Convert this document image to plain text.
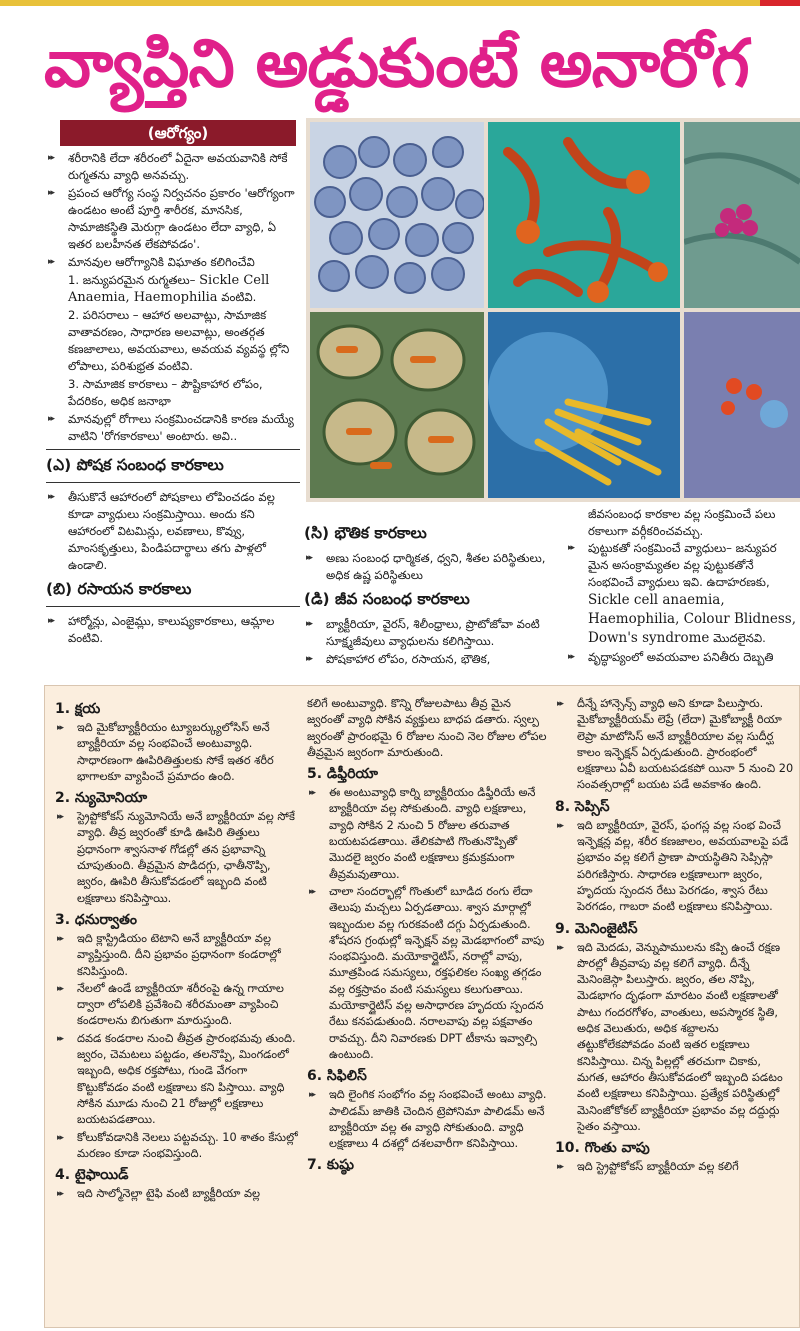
వ్యాప్తిని అడ్డుకుంటే అనారోగ
(ఆరోగ్యం)
▸▸ శరీరానికి లేదా శరీరంలో ఏదైనా అవయవానికి సోకే రుగ్మతను వ్యాధి అనవచ్చు.
▸▸ ప్రపంచ ఆరోగ్య సంస్థ నిర్వచనం ప్రకారం 'ఆరోగ్యంగా ఉండటం అంటే పూర్తి శారీరక, మానసిక, సామాజికస్థితి మెరుగ్గా ఉండటం లేదా వ్యాధి, ఏ ఇతర బలహీనత లేకపోవడం'.
▸▸ మానవుల ఆరోగ్యానికి విఘాతం కలిగించేవి
1. జన్యుపరమైన రుగ్మతలు– Sickle Cell Anaemia, Haemophilia వంటివి.
2. పరిసరాలు – ఆహార అలవాట్లు, సామాజిక వాతావరణం, సాధారణ అలవాట్లు, అంతర్గత కణజాలాలు, అవయవాలు, అవయవ వ్యవస్థ ల్లోని లోపాలు, పరిశుభ్రత వంటివి.
3. సామాజిక కారకాలు – పౌష్టికాహార లోపం, పేదరికం, అధిక జనాభా
▸▸ మానవుల్లో రోగాలు సంక్రమించడానికి కారణ మయ్యే వాటిని 'రోగకారకాలు' అంటారు. అవి..
(ఎ) పోషక సంబంధ కారకాలు
▸▸ తీసుకొనే ఆహారంలో పోషకాలు లోపించడం వల్ల కూడా వ్యాధులు సంక్రమిస్తాయి. అందు కని ఆహారంలో విటమిన్లు, లవణాలు, కొవ్వు, మాంసకృత్తులు, పిండిపదార్థాలు తగు పాళ్లలో ఉండాలి.
(బి) రసాయన కారకాలు
▸▸ హార్మోన్లు, ఎంజైమ్లు, కాలుష్యకారకాలు, ఆమ్లాల వంటివి.
(సి) భౌతిక కారకాలు
▸▸ అణు సంబంధ ధార్మికత, ధ్వని, శీతల పరిస్థితులు, అధిక ఉష్ణ పరిస్థితులు
(డి) జీవ సంబంధ కారకాలు
▸▸ బ్యాక్టీరియా, వైరస్, శిలీంధ్రాలు, ప్రొటోజోవా వంటి సూక్ష్మజీవులు వ్యాధులను కలిగిస్తాయి.
▸▸ పోషకాహార లోపం, రసాయన, భౌతిక,
జీవసంబంధ కారకాల వల్ల సంక్రమించే పలు రకాలుగా వర్గీకరించవచ్చు.
▸▸ పుట్టుకతో సంక్రమించే వ్యాధులు– జన్యుపర మైన అసంక్రామ్యతల వల్ల పుట్టుకతోనే సంభవించే వ్యాధులు ఇవి. ఉదాహరణకు,
Sickle cell anaemia, Haemophilia, Colour Blidness, Down's syndrome మొదలైనవి.
▸▸ వృద్ధాప్యంలో అవయవాల పనితీరు దెబ్బతి
1. క్షయ
▸▸ ఇది మైకోబ్యాక్టీరియం ట్యూబర్క్యులోసిస్ అనే బ్యాక్టీరియా వల్ల సంభవించే అంటువ్యాధి. సాధారణంగా ఊపిరితిత్తులకు సోకే ఇతర శరీర భాగాలకూ వ్యాపించే ప్రమాదం ఉంది.
2. న్యుమోనియా
▸▸ స్ట్రెప్టోకోకస్ న్యుమోనియే అనే బ్యాక్టీరియా వల్ల సోకే వ్యాధి. తీవ్ర జ్వరంతో కూడి ఊపిరి తిత్తులు ప్రధానంగా శ్వాసనాళ గోడల్లో తన ప్రభావాన్ని చూపుతుంది. తీవ్రమైన పొడిదగ్గు, ఛాతీనొప్పి, జ్వరం, ఊపిరి తీసుకోవడంలో ఇబ్బంది వంటి లక్షణాలు కనిపిస్తాయి.
3. ధనుర్వాతం
▸▸ ఇది క్లాస్ట్రిడియం టెటాని అనే బ్యాక్టీరియా వల్ల వ్యాప్తిస్తుంది. దీని ప్రభావం ప్రధానంగా కండరాల్లో కనిపిస్తుంది.
▸▸ నేలలో ఉండే బ్యాక్టీరియా శరీరంపై ఉన్న గాయాల ద్వారా లోపలికి ప్రవేశించి శరీరమంతా వ్యాపించి కండరాలను బిగుతుగా మారుస్తుంది.
▸▸ దవడ కండరాల నుంచి తీవ్రత ప్రారంభమవు తుంది. జ్వరం, చెమటలు పట్టడం, తలనొప్పి, మింగడంలో ఇబ్బంది, అధిక రక్తపోటు, గుండె వేగంగా కొట్టుకోవడం వంటి లక్షణాలు కని పిస్తాయి. వ్యాధి సోకిన మూడు నుంచి 21 రోజుల్లో లక్షణాలు బయటపడతాయి.
▸▸ కోలుకోవడానికి నెలలు పట్టవచ్చు. 10 శాతం కేసుల్లో మరణం కూడా సంభవిస్తుంది.
4. టైఫాయిడ్
▸▸ ఇది సాల్మోనెల్లా టైఫి వంటి బ్యాక్టీరియా వల్ల
కలిగే అంటువ్యాధి. కొన్ని రోజులపాటు తీవ్ర మైన జ్వరంతో వ్యాధి సోకిన వ్యక్తులు బాధప డతారు. స్వల్ప జ్వరంతో ప్రారంభమై 6 రోజుల నుంచి నెల రోజుల లోపల తీవ్రమైన జ్వరంగా మారుతుంది.
5. డిఫ్తీరియా
▸▸ ఈ అంటువ్యాధి కార్ని బ్యాక్టీరియం డిఫ్తీరియే అనే బ్యాక్టీరియా వల్ల సోకుతుంది. వ్యాధి లక్షణాలు, వ్యాధి సోకిన 2 నుంచి 5 రోజుల తరువాత బయటపడతాయి. తేలికపాటి గొంతునొప్పితో మొదలై జ్వరం వంటి లక్షణాలు క్రమక్రమంగా తీవ్రమవుతాయి.
▸▸ చాలా సందర్భాల్లో గొంతులో బూడిద రంగు లేదా తెలుపు మచ్చలు ఏర్పడతాయి. శ్వాస మార్గాల్లో ఇబ్బందుల వల్ల గురకవంటి దగ్గు ఏర్పడుతుంది. శోషరస గ్రంథుల్లో ఇన్ఫెక్షన్ వల్ల మెడభాగంలో వాపు సంభవిస్తుంది. మయోకార్డైటిస్, నరాల్లో వాపు, మూత్రపిండ సమస్యలు, రక్తఫలికల సంఖ్య తగ్గడం వల్ల రక్తస్రావం వంటి సమస్యలు కలుగుతాయి. మయోకార్డైటిస్ వల్ల అసాధారణ హృదయ స్పందన రేటు కనపడుతుంది. నరాలవాపు వల్ల పక్షవాతం రావచ్చు. దీని నివారణకు DPT టీకాను ఇవ్వాల్సి ఉంటుంది.
6. సిఫిలిస్
▸▸ ఇది లైంగిక సంభోగం వల్ల సంభవించే అంటు వ్యాధి. పాలిడమ్ జాతికి చెందిన ట్రెపోనిమా పాలిడమ్ అనే బ్యాక్టీరియా వల్ల ఈ వ్యాధి సోకుతుంది. వ్యాధి లక్షణాలు 4 దశల్లో దశలవారీగా కనిపిస్తాయి.
7. కుష్ఠు
▸▸ దీన్నే హాన్సెన్స్ వ్యాధి అని కూడా పిలుస్తారు. మైకోబ్యాక్టీరియమ్ లెప్రే (లేదా) మైకోబ్యాక్టీ రియా లెప్రా మాటోసిస్ అనే బ్యాక్టీరియాల వల్ల సుదీర్ఘ కాలం ఇన్ఫెక్షన్ ఏర్పడుతుంది. ప్రారంభంలో లక్షణాలు ఏవీ బయటపడకపో యినా 5 నుంచి 20 సంవత్సరాల్లో బయట పడే అవకాశం ఉంది.
8. సెప్సిస్
▸▸ ఇది బ్యాక్టీరియా, వైరస్, ఫంగస్ల వల్ల సంభ వించే ఇన్ఫెక్షన్ల వల్ల, శరీర కణజాలం, అవయవాలపై పడే ప్రభావం వల్ల కలిగే ప్రాణా పాయస్థితిని సెప్సిస్గా పరిగణిస్తారు. సాధారణ లక్షణాలుగా జ్వరం, హృదయ స్పందన రేటు పెరగడం, శ్వాస రేటు పెరగడం, గాబరా వంటి లక్షణాలు కనిపిస్తాయి.
9. మెనింజైటిస్
▸▸ ఇది మెదడు, వెన్నుపాములను కప్పి ఉంచే రక్షణ పొరల్లో తీవ్రవాపు వల్ల కలిగే వ్యాధి. దీన్నే మెనింజెస్గా పిలుస్తారు. జ్వరం, తల నొప్పి, మెడభాగం దృఢంగా మారటం వంటి లక్షణాలతో పాటు గందరగోళం, వాంతులు, అపస్మారక స్థితి, అధిక వెలుతురు, అధిక శబ్దాలను తట్టుకోలేకపోవడం వంటి ఇతర లక్షణాలు కనిపిస్తాయి. చిన్న పిల్లల్లో తరచుగా చికాకు, మగత, ఆహారం తీసుకోవడంలో ఇబ్బంది పడటం వంటి లక్షణాలు కనిపిస్తాయి. ప్రత్యేక పరిస్థితుల్లో మెనింజోకోకల్ బ్యాక్టీరియా ప్రభావం వల్ల దద్దుర్లు సైతం వస్తాయి.
10. గొంతు వాపు
▸▸ ఇది స్ట్రెప్టోకోకస్ బ్యాక్టీరియా వల్ల కలిగే
